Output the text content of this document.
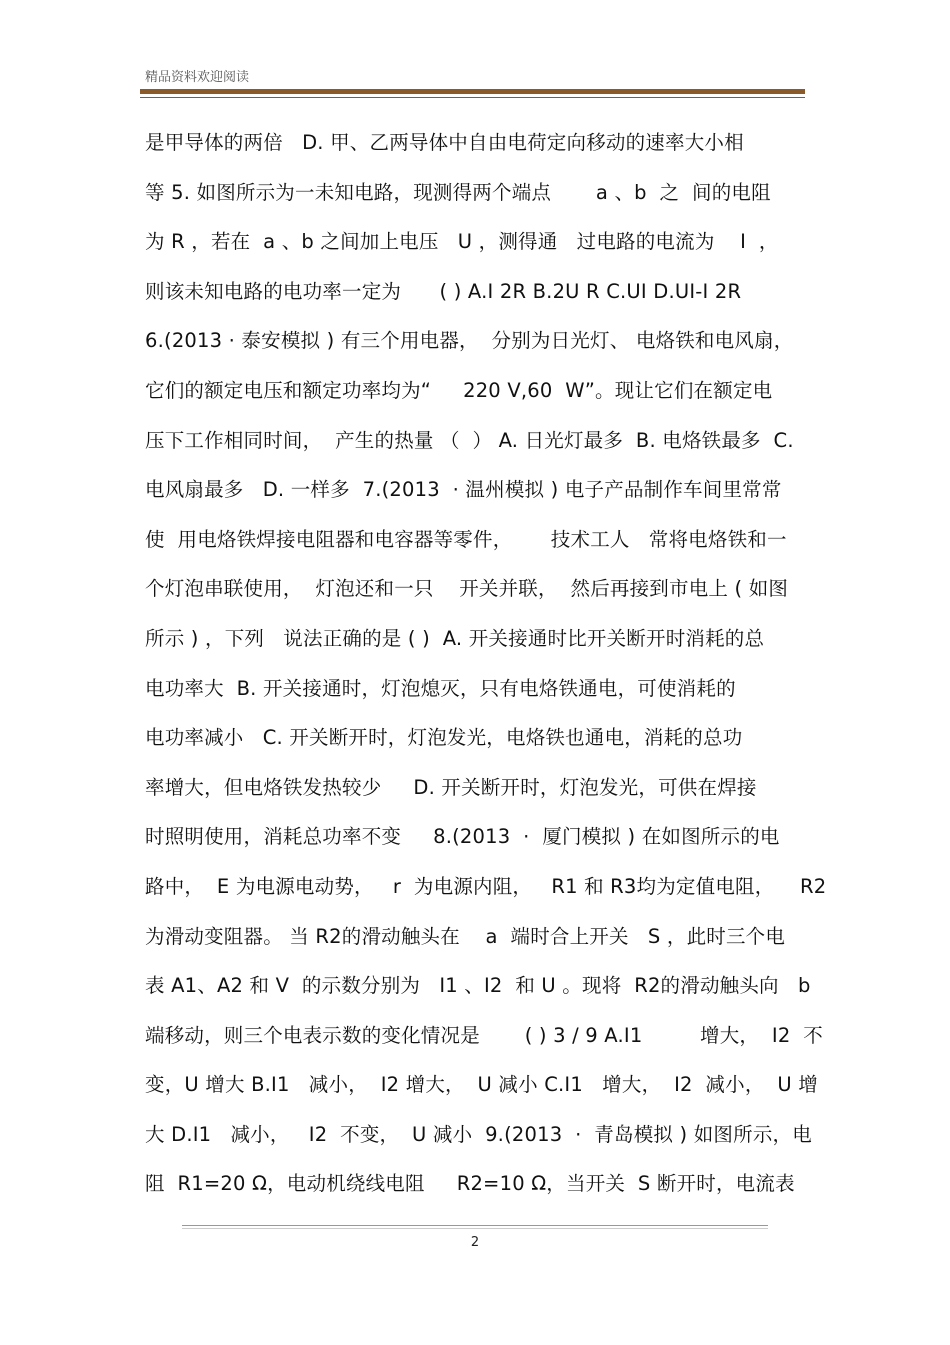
精品资料欢迎阅读
是甲导体的两倍   D. 甲、乙两导体中自由电荷定向移动的速率大小相
等 5. 如图所示为一未知电路，现测得两个端点       a 、b  之  间的电阻
为 R ，若在  a 、b 之间加上电压   U ，测得通   过电路的电流为    I  ，
则该未知电路的电功率一定为      ( ) A.I 2R B.2U R C.UI D.UI-I 2R
6.(2013 · 泰安模拟 ) 有三个用电器，  分别为日光灯、 电烙铁和电风扇，
它们的额定电压和额定功率均为“     220 V,60  W”。现让它们在额定电
压下工作相同时间，  产生的热量 （  ） A. 日光灯最多  B. 电烙铁最多  C.
电风扇最多   D. 一样多  7.(2013  · 温州模拟 ) 电子产品制作车间里常常
使  用电烙铁焊接电阻器和电容器等零件，      技术工人   常将电烙铁和一
个灯泡串联使用，  灯泡还和一只    开关并联，  然后再接到市电上 ( 如图
所示 ) ，下列   说法正确的是 ( )  A. 开关接通时比开关断开时消耗的总
电功率大  B. 开关接通时，灯泡熄灭，只有电烙铁通电，可使消耗的
电功率减小   C. 开关断开时，灯泡发光，电烙铁也通电，消耗的总功
率增大，但电烙铁发热较少     D. 开关断开时，灯泡发光，可供在焊接
时照明使用，消耗总功率不变     8.(2013  ·  厦门模拟 ) 在如图所示的电
路中，  E 为电源电动势，   r  为电源内阻，   R1 和 R3均为定值电阻，    R2
为滑动变阻器。 当 R2的滑动触头在    a  端时合上开关   S ，此时三个电
表 A1、A2 和 V  的示数分别为   I1 、I2  和 U 。现将  R2的滑动触头向   b
端移动，则三个电表示数的变化情况是       ( ) 3 / 9 A.I1         增大，  I2  不
变，U 增大 B.I1   减小，  I2 增大，  U 减小 C.I1   增大，  I2  减小，  U 增
大 D.I1   减小，   I2  不变，  U 减小  9.(2013  ·  青岛模拟 ) 如图所示，电
阻  R1=20 Ω，电动机绕线电阻     R2=10 Ω，当开关  S 断开时，电流表
2
